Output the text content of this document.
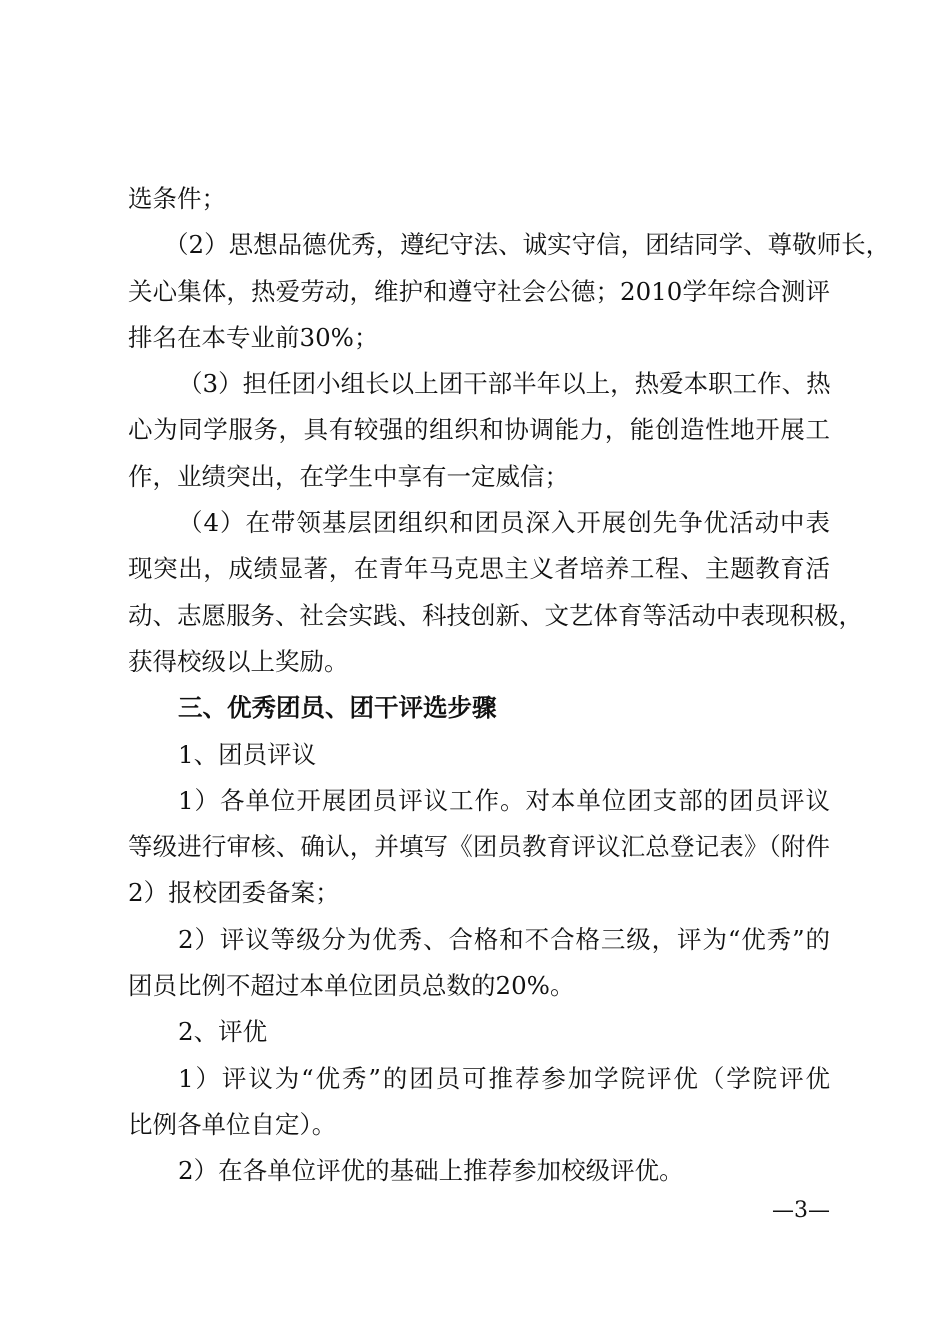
选条件；
（2）思想品德优秀，遵纪守法、诚实守信，团结同学、尊敬师长，
关心集体，热爱劳动，维护和遵守社会公德；2010学年综合测评
排名在本专业前30%；
（3）担任团小组长以上团干部半年以上，热爱本职工作、热
心为同学服务，具有较强的组织和协调能力，能创造性地开展工
作，业绩突出，在学生中享有一定威信；
（4）在带领基层团组织和团员深入开展创先争优活动中表
现突出，成绩显著，在青年马克思主义者培养工程、主题教育活
动、志愿服务、社会实践、科技创新、文艺体育等活动中表现积极，
获得校级以上奖励。
三、优秀团员、团干评选步骤
1、团员评议
1）各单位开展团员评议工作。对本单位团支部的团员评议
等级进行审核、确认，并填写《团员教育评议汇总登记表》（附件
2）报校团委备案；
2）评议等级分为优秀、合格和不合格三级，评为“优秀”的
团员比例不超过本单位团员总数的20%。
2、评优
1）评议为“优秀”的团员可推荐参加学院评优（学院评优
比例各单位自定）。
2）在各单位评优的基础上推荐参加校级评优。
—3—
